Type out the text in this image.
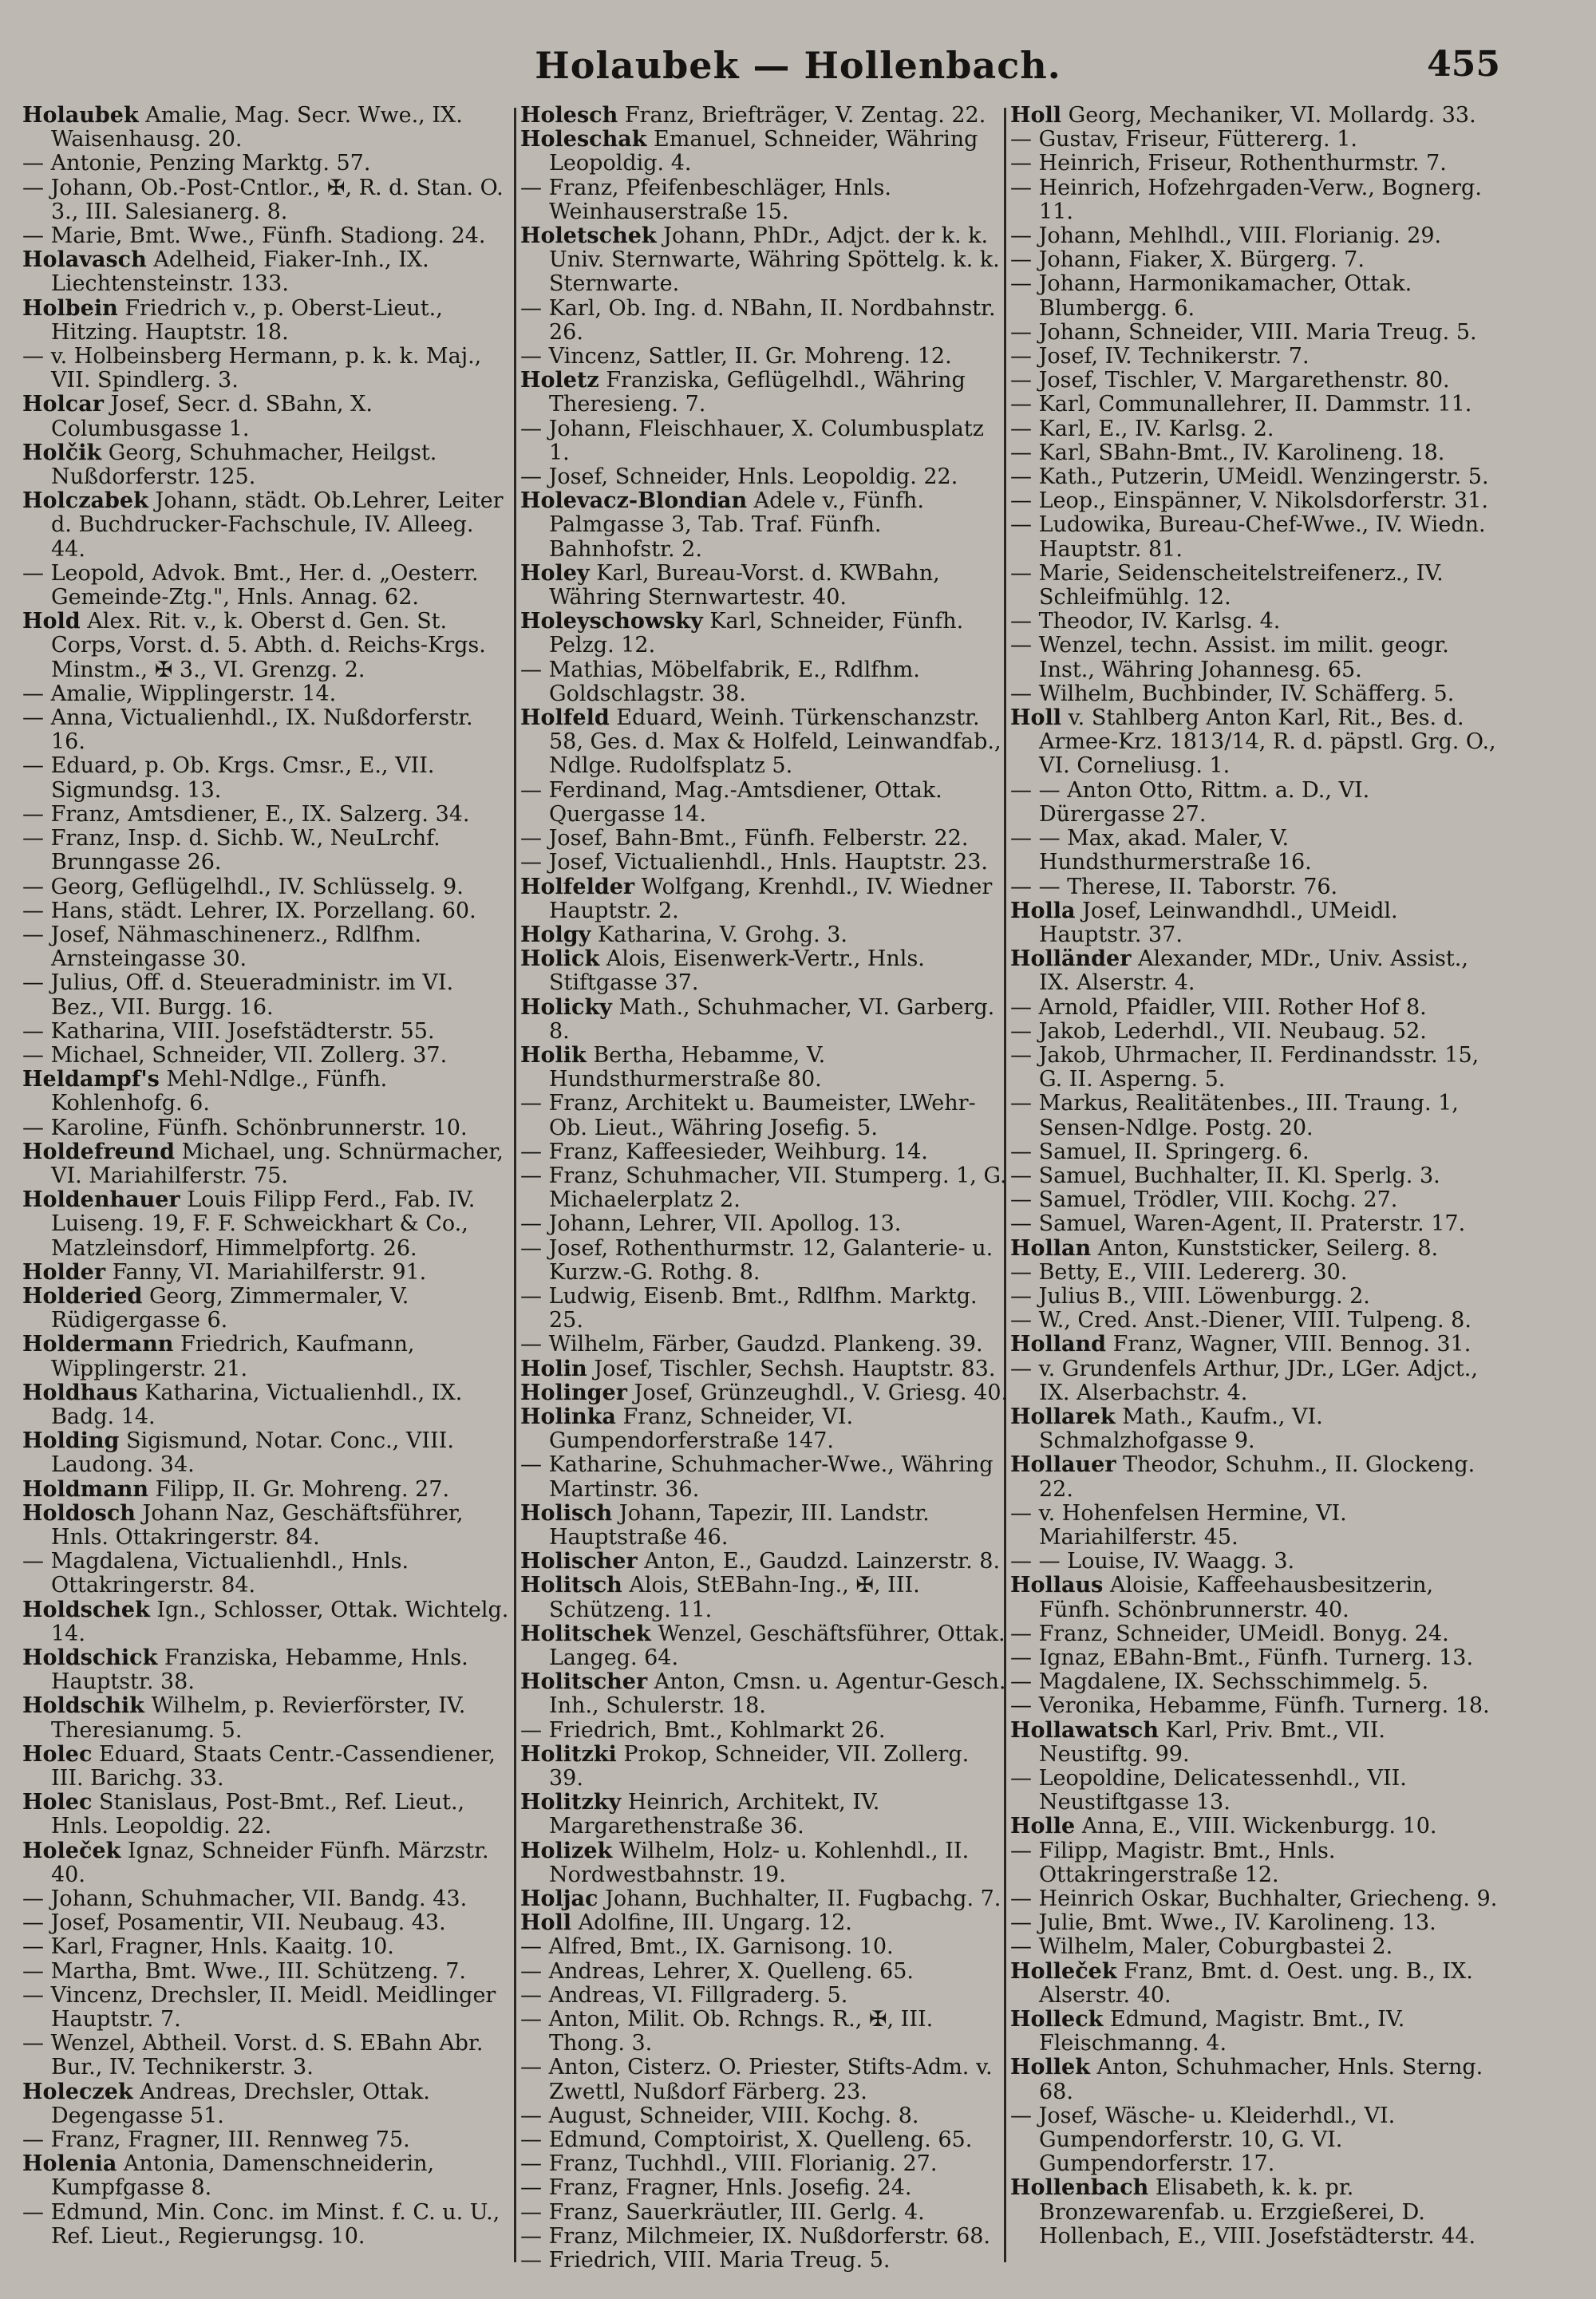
Holaubek — Hollenbach.	455

Holaubek Amalie, Mag. Secr. Wwe., IX. Waisenhausg. 20.

— Antonie, Penzing Marktg. 57.

— Johann, Ob.-Post-Cntlor., ✠, R. d. Stan. O. 3., III. Salesianerg. 8.

— Marie, Bmt. Wwe., Fünfh. Stadiong. 24.

Holavasch Adelheid, Fiaker-Inh., IX. Liechtensteinstr. 133.

Holbein Friedrich v., p. Oberst-Lieut., Hitzing. Hauptstr. 18.

— v. Holbeinsberg Hermann, p. k. k. Maj., VII. Spindlerg. 3.

Holcar Josef, Secr. d. SBahn, X. Columbusgasse 1.

Holčik Georg, Schuhmacher, Heilgst. Nußdorferstr. 125.

Holczabek Johann, städt. Ob.Lehrer, Leiter d. Buchdrucker-Fachschule, IV. Alleeg. 44.

— Leopold, Advok. Bmt., Her. d. „Oesterr. Gemeinde-Ztg.", Hnls. Annag. 62.

Hold Alex. Rit. v., k. Oberst d. Gen. St. Corps, Vorst. d. 5. Abth. d. Reichs-Krgs. Minstm., ✠ 3., VI. Grenzg. 2.

— Amalie, Wipplingerstr. 14.

— Anna, Victualienhdl., IX. Nußdorferstr. 16.

— Eduard, p. Ob. Krgs. Cmsr., E., VII. Sigmundsg. 13.

— Franz, Amtsdiener, E., IX. Salzerg. 34.

— Franz, Insp. d. Sichb. W., NeuLrchf. Brunngasse 26.

— Georg, Geflügelhdl., IV. Schlüsselg. 9.

— Hans, städt. Lehrer, IX. Porzellang. 60.

— Josef, Nähmaschinenerz., Rdlfhm. Arnsteingasse 30.

— Julius, Off. d. Steueradministr. im VI. Bez., VII. Burgg. 16.

— Katharina, VIII. Josefstädterstr. 55.

— Michael, Schneider, VII. Zollerg. 37.

Heldampf's Mehl-Ndlge., Fünfh. Kohlenhofg. 6.

— Karoline, Fünfh. Schönbrunnerstr. 10.

Holdefreund Michael, ung. Schnürmacher, VI. Mariahilferstr. 75.

Holdenhauer Louis Filipp Ferd., Fab. IV. Luiseng. 19, F. F. Schweickhart & Co., Matzleinsdorf, Himmelpfortg. 26.

Holder Fanny, VI. Mariahilferstr. 91.

Holderied Georg, Zimmermaler, V. Rüdigergasse 6.

Holdermann Friedrich, Kaufmann, Wipplingerstr. 21.

Holdhaus Katharina, Victualienhdl., IX. Badg. 14.

Holding Sigismund, Notar. Conc., VIII. Laudong. 34.

Holdmann Filipp, II. Gr. Mohreng. 27.

Holdosch Johann Naz, Geschäftsführer, Hnls. Ottakringerstr. 84.

— Magdalena, Victualienhdl., Hnls. Ottakringerstr. 84.

Holdschek Ign., Schlosser, Ottak. Wichtelg. 14.

Holdschick Franziska, Hebamme, Hnls. Hauptstr. 38.

Holdschik Wilhelm, p. Revierförster, IV. Theresianumg. 5.

Holec Eduard, Staats Centr.-Cassendiener, III. Barichg. 33.

Holec Stanislaus, Post-Bmt., Ref. Lieut., Hnls. Leopoldig. 22.

Holeček Ignaz, Schneider Fünfh. Märzstr. 40.

— Johann, Schuhmacher, VII. Bandg. 43.

— Josef, Posamentir, VII. Neubaug. 43.

— Karl, Fragner, Hnls. Kaaitg. 10.

— Martha, Bmt. Wwe., III. Schützeng. 7.

— Vincenz, Drechsler, II. Meidl. Meidlinger Hauptstr. 7.

— Wenzel, Abtheil. Vorst. d. S. EBahn Abr. Bur., IV. Technikerstr. 3.

Holeczek Andreas, Drechsler, Ottak. Degengasse 51.

— Franz, Fragner, III. Rennweg 75.

Holenia Antonia, Damenschneiderin, Kumpfgasse 8.

— Edmund, Min. Conc. im Minst. f. C. u. U., Ref. Lieut., Regierungsg. 10.

Holesch Franz, Briefträger, V. Zentag. 22.

Holeschak Emanuel, Schneider, Währing Leopoldig. 4.

— Franz, Pfeifenbeschläger, Hnls. Weinhauserstraße 15.

Holetschek Johann, PhDr., Adjct. der k. k. Univ. Sternwarte, Währing Spöttelg. k. k. Sternwarte.

— Karl, Ob. Ing. d. NBahn, II. Nordbahnstr. 26.

— Vincenz, Sattler, II. Gr. Mohreng. 12.

Holetz Franziska, Geflügelhdl., Währing Theresieng. 7.

— Johann, Fleischhauer, X. Columbusplatz 1.

— Josef, Schneider, Hnls. Leopoldig. 22.

Holevacz-Blondian Adele v., Fünfh. Palmgasse 3, Tab. Traf. Fünfh. Bahnhofstr. 2.

Holey Karl, Bureau-Vorst. d. KWBahn, Währing Sternwartestr. 40.

Holeyschowsky Karl, Schneider, Fünfh. Pelzg. 12.

— Mathias, Möbelfabrik, E., Rdlfhm. Goldschlagstr. 38.

Holfeld Eduard, Weinh. Türkenschanzstr. 58, Ges. d. Max & Holfeld, Leinwandfab., Ndlge. Rudolfsplatz 5.

— Ferdinand, Mag.-Amtsdiener, Ottak. Quergasse 14.

— Josef, Bahn-Bmt., Fünfh. Felberstr. 22.

— Josef, Victualienhdl., Hnls. Hauptstr. 23.

Holfelder Wolfgang, Krenhdl., IV. Wiedner Hauptstr. 2.

Holgy Katharina, V. Grohg. 3.

Holick Alois, Eisenwerk-Vertr., Hnls. Stiftgasse 37.

Holicky Math., Schuhmacher, VI. Garberg. 8.

Holik Bertha, Hebamme, V. Hundsthurmerstraße 80.

— Franz, Architekt u. Baumeister, LWehr-Ob. Lieut., Währing Josefig. 5.

— Franz, Kaffeesieder, Weihburg. 14.

— Franz, Schuhmacher, VII. Stumperg. 1, G. Michaelerplatz 2.

— Johann, Lehrer, VII. Apollog. 13.

— Josef, Rothenthurmstr. 12, Galanterie- u. Kurzw.-G. Rothg. 8.

— Ludwig, Eisenb. Bmt., Rdlfhm. Marktg. 25.

— Wilhelm, Färber, Gaudzd. Plankeng. 39.

Holin Josef, Tischler, Sechsh. Hauptstr. 83.

Holinger Josef, Grünzeughdl., V. Griesg. 40.

Holinka Franz, Schneider, VI. Gumpendorferstraße 147.

— Katharine, Schuhmacher-Wwe., Währing Martinstr. 36.

Holisch Johann, Tapezir, III. Landstr. Hauptstraße 46.

Holischer Anton, E., Gaudzd. Lainzerstr. 8.

Holitsch Alois, StEBahn-Ing., ✠, III. Schützeng. 11.

Holitschek Wenzel, Geschäftsführer, Ottak. Langeg. 64.

Holitscher Anton, Cmsn. u. Agentur-Gesch. Inh., Schulerstr. 18.

— Friedrich, Bmt., Kohlmarkt 26.

Holitzki Prokop, Schneider, VII. Zollerg. 39.

Holitzky Heinrich, Architekt, IV. Margarethenstraße 36.

Holizek Wilhelm, Holz- u. Kohlenhdl., II. Nordwestbahnstr. 19.

Holjac Johann, Buchhalter, II. Fugbachg. 7.

Holl Adolfine, III. Ungarg. 12.

— Alfred, Bmt., IX. Garnisong. 10.

— Andreas, Lehrer, X. Quelleng. 65.

— Andreas, VI. Fillgraderg. 5.

— Anton, Milit. Ob. Rchngs. R., ✠, III. Thong. 3.

— Anton, Cisterz. O. Priester, Stifts-Adm. v. Zwettl, Nußdorf Färberg. 23.

— August, Schneider, VIII. Kochg. 8.

— Edmund, Comptoirist, X. Quelleng. 65.

— Franz, Tuchhdl., VIII. Florianig. 27.

— Franz, Fragner, Hnls. Josefig. 24.

— Franz, Sauerkräutler, III. Gerlg. 4.

— Franz, Milchmeier, IX. Nußdorferstr. 68.

— Friedrich, VIII. Maria Treug. 5.

Holl Georg, Mechaniker, VI. Mollardg. 33.

— Gustav, Friseur, Füttererg. 1.

— Heinrich, Friseur, Rothenthurmstr. 7.

— Heinrich, Hofzehrgaden-Verw., Bognerg. 11.

— Johann, Mehlhdl., VIII. Florianig. 29.

— Johann, Fiaker, X. Bürgerg. 7.

— Johann, Harmonikamacher, Ottak. Blumbergg. 6.

— Johann, Schneider, VIII. Maria Treug. 5.

— Josef, IV. Technikerstr. 7.

— Josef, Tischler, V. Margarethenstr. 80.

— Karl, Communallehrer, II. Dammstr. 11.

— Karl, E., IV. Karlsg. 2.

— Karl, SBahn-Bmt., IV. Karolineng. 18.

— Kath., Putzerin, UMeidl. Wenzingerstr. 5.

— Leop., Einspänner, V. Nikolsdorferstr. 31.

— Ludowika, Bureau-Chef-Wwe., IV. Wiedn. Hauptstr. 81.

— Marie, Seidenscheitelstreifenerz., IV. Schleifmühlg. 12.

— Theodor, IV. Karlsg. 4.

— Wenzel, techn. Assist. im milit. geogr. Inst., Währing Johannesg. 65.

— Wilhelm, Buchbinder, IV. Schäfferg. 5.

Holl v. Stahlberg Anton Karl, Rit., Bes. d. Armee-Krz. 1813/14, R. d. päpstl. Grg. O., VI. Corneliusg. 1.

— — Anton Otto, Rittm. a. D., VI. Dürergasse 27.

— — Max, akad. Maler, V. Hundsthurmerstraße 16.

— — Therese, II. Taborstr. 76.

Holla Josef, Leinwandhdl., UMeidl. Hauptstr. 37.

Holländer Alexander, MDr., Univ. Assist., IX. Alserstr. 4.

— Arnold, Pfaidler, VIII. Rother Hof 8.

— Jakob, Lederhdl., VII. Neubaug. 52.

— Jakob, Uhrmacher, II. Ferdinandsstr. 15, G. II. Asperng. 5.

— Markus, Realitätenbes., III. Traung. 1, Sensen-Ndlge. Postg. 20.

— Samuel, II. Springerg. 6.

— Samuel, Buchhalter, II. Kl. Sperlg. 3.

— Samuel, Trödler, VIII. Kochg. 27.

— Samuel, Waren-Agent, II. Praterstr. 17.

Hollan Anton, Kunststicker, Seilerg. 8.

— Betty, E., VIII. Ledererg. 30.

— Julius B., VIII. Löwenburgg. 2.

— W., Cred. Anst.-Diener, VIII. Tulpeng. 8.

Holland Franz, Wagner, VIII. Bennog. 31.

— v. Grundenfels Arthur, JDr., LGer. Adjct., IX. Alserbachstr. 4.

Hollarek Math., Kaufm., VI. Schmalzhofgasse 9.

Hollauer Theodor, Schuhm., II. Glockeng. 22.

— v. Hohenfelsen Hermine, VI. Mariahilferstr. 45.

— — Louise, IV. Waagg. 3.

Hollaus Aloisie, Kaffeehausbesitzerin, Fünfh. Schönbrunnerstr. 40.

— Franz, Schneider, UMeidl. Bonyg. 24.

— Ignaz, EBahn-Bmt., Fünfh. Turnerg. 13.

— Magdalene, IX. Sechsschimmelg. 5.

— Veronika, Hebamme, Fünfh. Turnerg. 18.

Hollawatsch Karl, Priv. Bmt., VII. Neustiftg. 99.

— Leopoldine, Delicatessenhdl., VII. Neustiftgasse 13.

Holle Anna, E., VIII. Wickenburgg. 10.

— Filipp, Magistr. Bmt., Hnls. Ottakringerstraße 12.

— Heinrich Oskar, Buchhalter, Griecheng. 9.

— Julie, Bmt. Wwe., IV. Karolineng. 13.

— Wilhelm, Maler, Coburgbastei 2.

Holleček Franz, Bmt. d. Oest. ung. B., IX. Alserstr. 40.

Holleck Edmund, Magistr. Bmt., IV. Fleischmanng. 4.

Hollek Anton, Schuhmacher, Hnls. Sterng. 68.

— Josef, Wäsche- u. Kleiderhdl., VI. Gumpendorferstr. 10, G. VI. Gumpendorferstr. 17.

Hollenbach Elisabeth, k. k. pr. Bronzewarenfab. u. Erzgießerei, D. Hollenbach, E., VIII. Josefstädterstr. 44.
